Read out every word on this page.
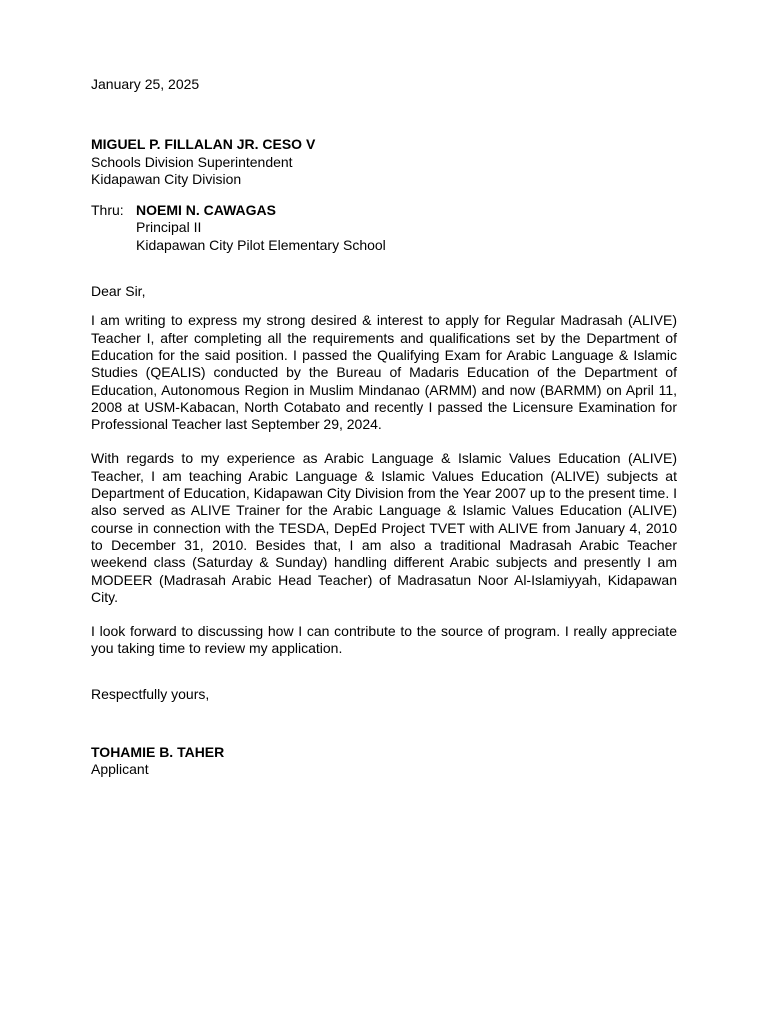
January 25, 2025
MIGUEL P. FILLALAN JR. CESO V
Schools Division Superintendent
Kidapawan City Division
Thru: NOEMI N. CAWAGAS
Principal II
Kidapawan City Pilot Elementary School
Dear Sir,

I am writing to express my strong desired & interest to apply for Regular Madrasah (ALIVE) Teacher I, after completing all the requirements and qualifications set by the Department of Education for the said position. I passed the Qualifying Exam for Arabic Language & Islamic Studies (QEALIS) conducted by the Bureau of Madaris Education of the Department of Education, Autonomous Region in Muslim Mindanao (ARMM) and now (BARMM) on April 11, 2008 at USM-Kabacan, North Cotabato and recently I passed the Licensure Examination for Professional Teacher last September 29, 2024.

With regards to my experience as Arabic Language & Islamic Values Education (ALIVE) Teacher, I am teaching Arabic Language & Islamic Values Education (ALIVE) subjects at Department of Education, Kidapawan City Division from the Year 2007 up to the present time. I also served as ALIVE Trainer for the Arabic Language & Islamic Values Education (ALIVE) course in connection with the TESDA, DepEd Project TVET with ALIVE from January 4, 2010 to December 31, 2010. Besides that, I am also a traditional Madrasah Arabic Teacher weekend class (Saturday & Sunday) handling different Arabic subjects and presently I am MODEER (Madrasah Arabic Head Teacher) of Madrasatun Noor Al-Islamiyyah, Kidapawan City.

I look forward to discussing how I can contribute to the source of program. I really appreciate you taking time to review my application.

Respectfully yours,
TOHAMIE B. TAHER
Applicant
